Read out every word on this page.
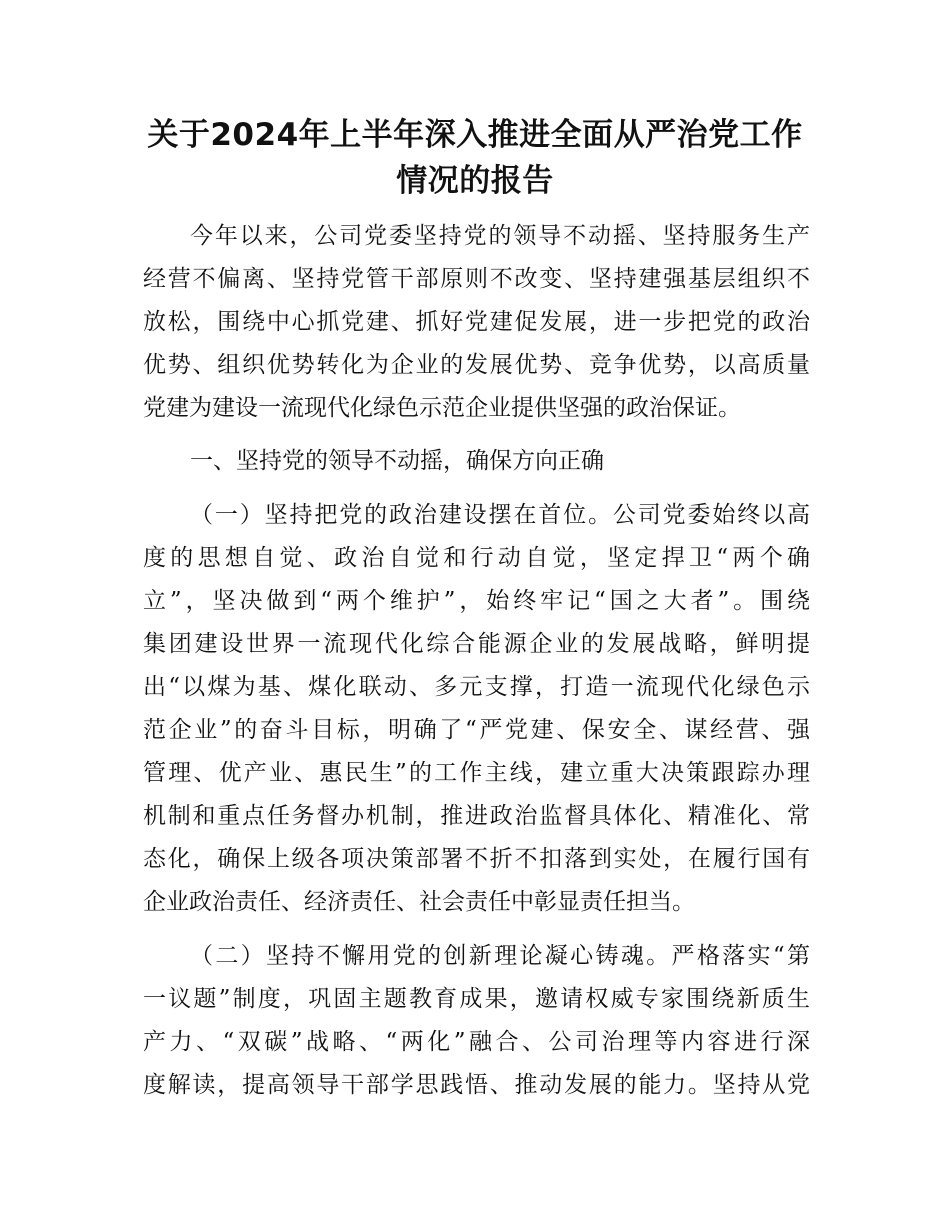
关于2024年上半年深入推进全面从严治党工作
情况的报告
今年以来，公司党委坚持党的领导不动摇、坚持服务生产
经营不偏离、坚持党管干部原则不改变、坚持建强基层组织不
放松，围绕中心抓党建、抓好党建促发展，进一步把党的政治
优势、组织优势转化为企业的发展优势、竞争优势，以高质量
党建为建设一流现代化绿色示范企业提供坚强的政治保证。
一、坚持党的领导不动摇，确保方向正确
（一）坚持把党的政治建设摆在首位。公司党委始终以高
度的思想自觉、政治自觉和行动自觉，坚定捍卫“两个确
立”，坚决做到“两个维护”，始终牢记“国之大者”。围绕
集团建设世界一流现代化综合能源企业的发展战略，鲜明提
出“以煤为基、煤化联动、多元支撑，打造一流现代化绿色示
范企业”的奋斗目标，明确了“严党建、保安全、谋经营、强
管理、优产业、惠民生”的工作主线，建立重大决策跟踪办理
机制和重点任务督办机制，推进政治监督具体化、精准化、常
态化，确保上级各项决策部署不折不扣落到实处，在履行国有
企业政治责任、经济责任、社会责任中彰显责任担当。
（二）坚持不懈用党的创新理论凝心铸魂。严格落实“第
一议题”制度，巩固主题教育成果，邀请权威专家围绕新质生
产力、“双碳”战略、“两化”融合、公司治理等内容进行深
度解读，提高领导干部学思践悟、推动发展的能力。坚持从党
